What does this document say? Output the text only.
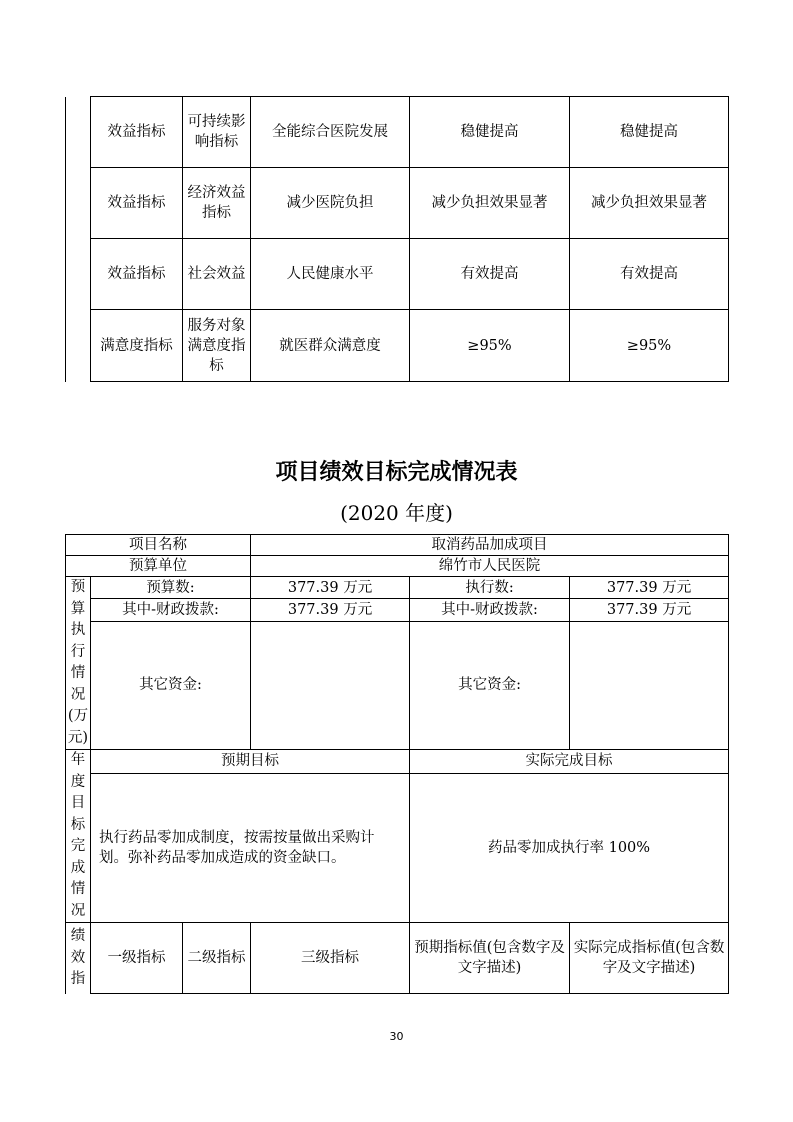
	效益指标	可持续影响指标	全能综合医院发展	稳健提高	稳健提高
	效益指标	经济效益指标	减少医院负担	减少负担效果显著	减少负担效果显著
	效益指标	社会效益	人民健康水平	有效提高	有效提高
	满意度指标	服务对象满意度指标	就医群众满意度	≥95%	≥95%
项目绩效目标完成情况表
(2020 年度)
项目名称			取消药品加成项目		
预算单位			绵竹市人民医院		
预算执行情况(万元)	预算数:		377.39 万元	执行数:	377.39 万元
	其中-财政拨款:		377.39 万元	其中-财政拨款:	377.39 万元
	其它资金:			其它资金:	
年度目标完成情况	预期目标			实际完成目标	
	执行药品零加成制度，按需按量做出采购计划。弥补药品零加成造成的资金缺口。			药品零加成执行率 100%	
绩效指	一级指标	二级指标	三级指标	预期指标值(包含数字及文字描述)	实际完成指标值(包含数字及文字描述)
30
